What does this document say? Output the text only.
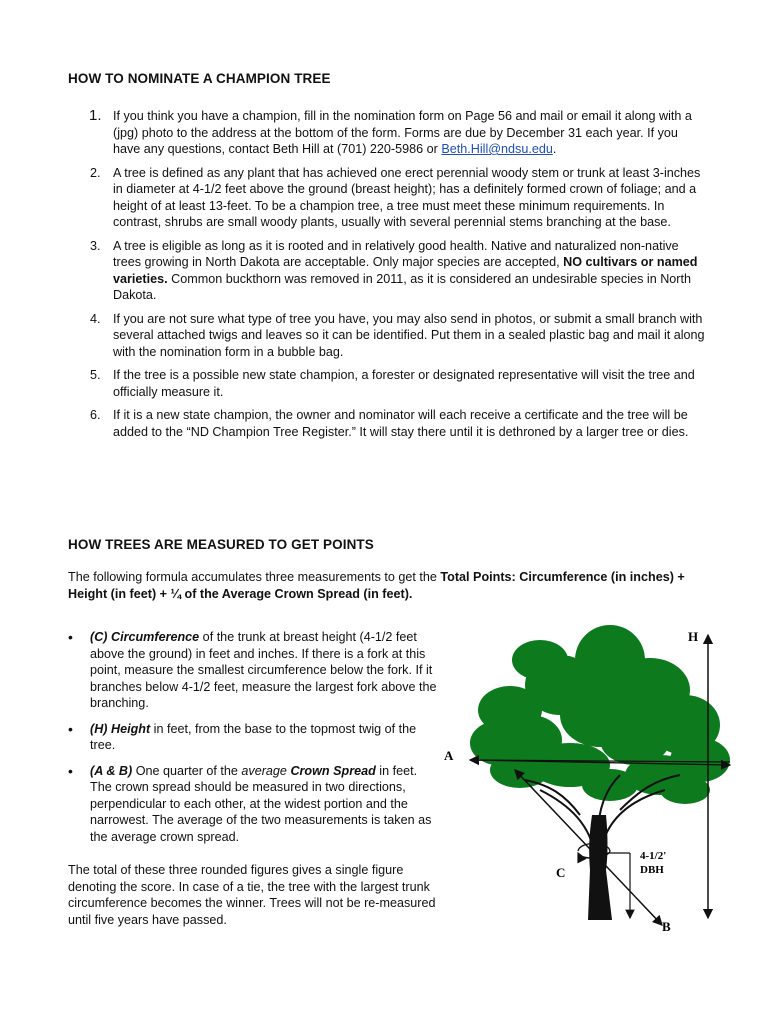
HOW TO NOMINATE A CHAMPION TREE
1. If you think you have a champion, fill in the nomination form on Page 56 and mail or email it along with a (jpg) photo to the address at the bottom of the form. Forms are due by December 31 each year. If you have any questions, contact Beth Hill at (701) 220-5986 or Beth.Hill@ndsu.edu.
2. A tree is defined as any plant that has achieved one erect perennial woody stem or trunk at least 3-inches in diameter at 4-1/2 feet above the ground (breast height); has a definitely formed crown of foliage; and a height of at least 13-feet. To be a champion tree, a tree must meet these minimum requirements. In contrast, shrubs are small woody plants, usually with several perennial stems branching at the base.
3. A tree is eligible as long as it is rooted and in relatively good health. Native and naturalized non-native trees growing in North Dakota are acceptable. Only major species are accepted, NO cultivars or named varieties. Common buckthorn was removed in 2011, as it is considered an undesirable species in North Dakota.
4. If you are not sure what type of tree you have, you may also send in photos, or submit a small branch with several attached twigs and leaves so it can be identified. Put them in a sealed plastic bag and mail it along with the nomination form in a bubble bag.
5. If the tree is a possible new state champion, a forester or designated representative will visit the tree and officially measure it.
6. If it is a new state champion, the owner and nominator will each receive a certificate and the tree will be added to the “ND Champion Tree Register.” It will stay there until it is dethroned by a larger tree or dies.
HOW TREES ARE MEASURED TO GET POINTS
The following formula accumulates three measurements to get the Total Points: Circumference (in inches) + Height (in feet) + ¼ of the Average Crown Spread (in feet).
• (C) Circumference of the trunk at breast height (4-1/2 feet above the ground) in feet and inches. If there is a fork at this point, measure the smallest circumference below the fork. If it branches below 4-1/2 feet, measure the largest fork above the branching.
• (H) Height in feet, from the base to the topmost twig of the tree.
• (A & B) One quarter of the average Crown Spread in feet. The crown spread should be measured in two directions, perpendicular to each other, at the widest portion and the narrowest. The average of the two measurements is taken as the average crown spread.
The total of these three rounded figures gives a single figure denoting the score. In case of a tie, the tree with the largest trunk circumference becomes the winner. Trees will not be re-measured until five years have passed.
H
A
C
B
4-1/2'
DBH
